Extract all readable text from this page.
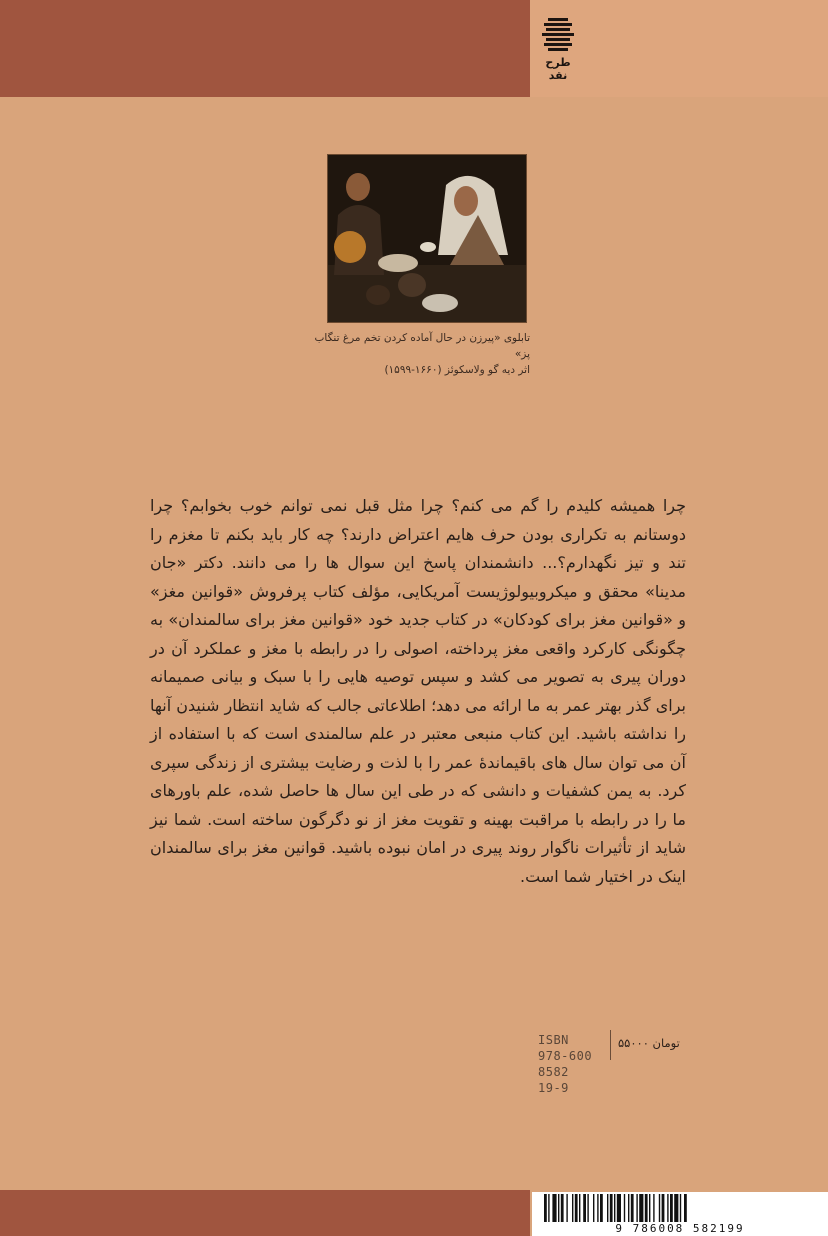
طرح
نقد
تابلوی «پیرزن در حال آماده کردن تخم مرغ تنگاب پز»
اثر دیه گو ولاسکوئز (۱۶۶۰-۱۵۹۹)
چرا همیشه کلیدم را گم می کنم؟ چرا مثل قبل نمی توانم خوب بخوابم؟ چرا دوستانم به تکراری بودن حرف هایم اعتراض دارند؟ چه کار باید بکنم تا مغزم را تند و تیز نگهدارم؟... دانشمندان پاسخ این سوال ها را می دانند. دکتر «جان مدینا» محقق و میکروبیولوژیست آمریکایی، مؤلف کتاب پرفروش «قوانین مغز» و «قوانین مغز برای کودکان» در کتاب جدید خود «قوانین مغز برای سالمندان» به چگونگی کارکرد واقعی مغز پرداخته، اصولی را در رابطه با مغز و عملکرد آن در دوران پیری به تصویر می کشد و سپس توصیه هایی را با سبک و بیانی صمیمانه برای گذر بهتر عمر به ما ارائه می دهد؛ اطلاعاتی جالب که شاید انتظار شنیدن آنها را نداشته باشید. این کتاب منبعی معتبر در علم سالمندی است که با استفاده از آن می توان سال های باقیماندهٔ عمر را با لذت و رضایت بیشتری از زندگی سپری کرد. به یمن کشفیات و دانشی که در طی این سال ها حاصل شده، علم باورهای ما را در رابطه با مراقبت بهینه و تقویت مغز از نو دگرگون ساخته است. شما نیز شاید از تأثیرات ناگوار روند پیری در امان نبوده باشید. قوانین مغز برای سالمندان اینک در اختیار شما است.
۵۵۰۰۰ تومان
ISBN
978-600
8582
19-9
9 786008 582199
